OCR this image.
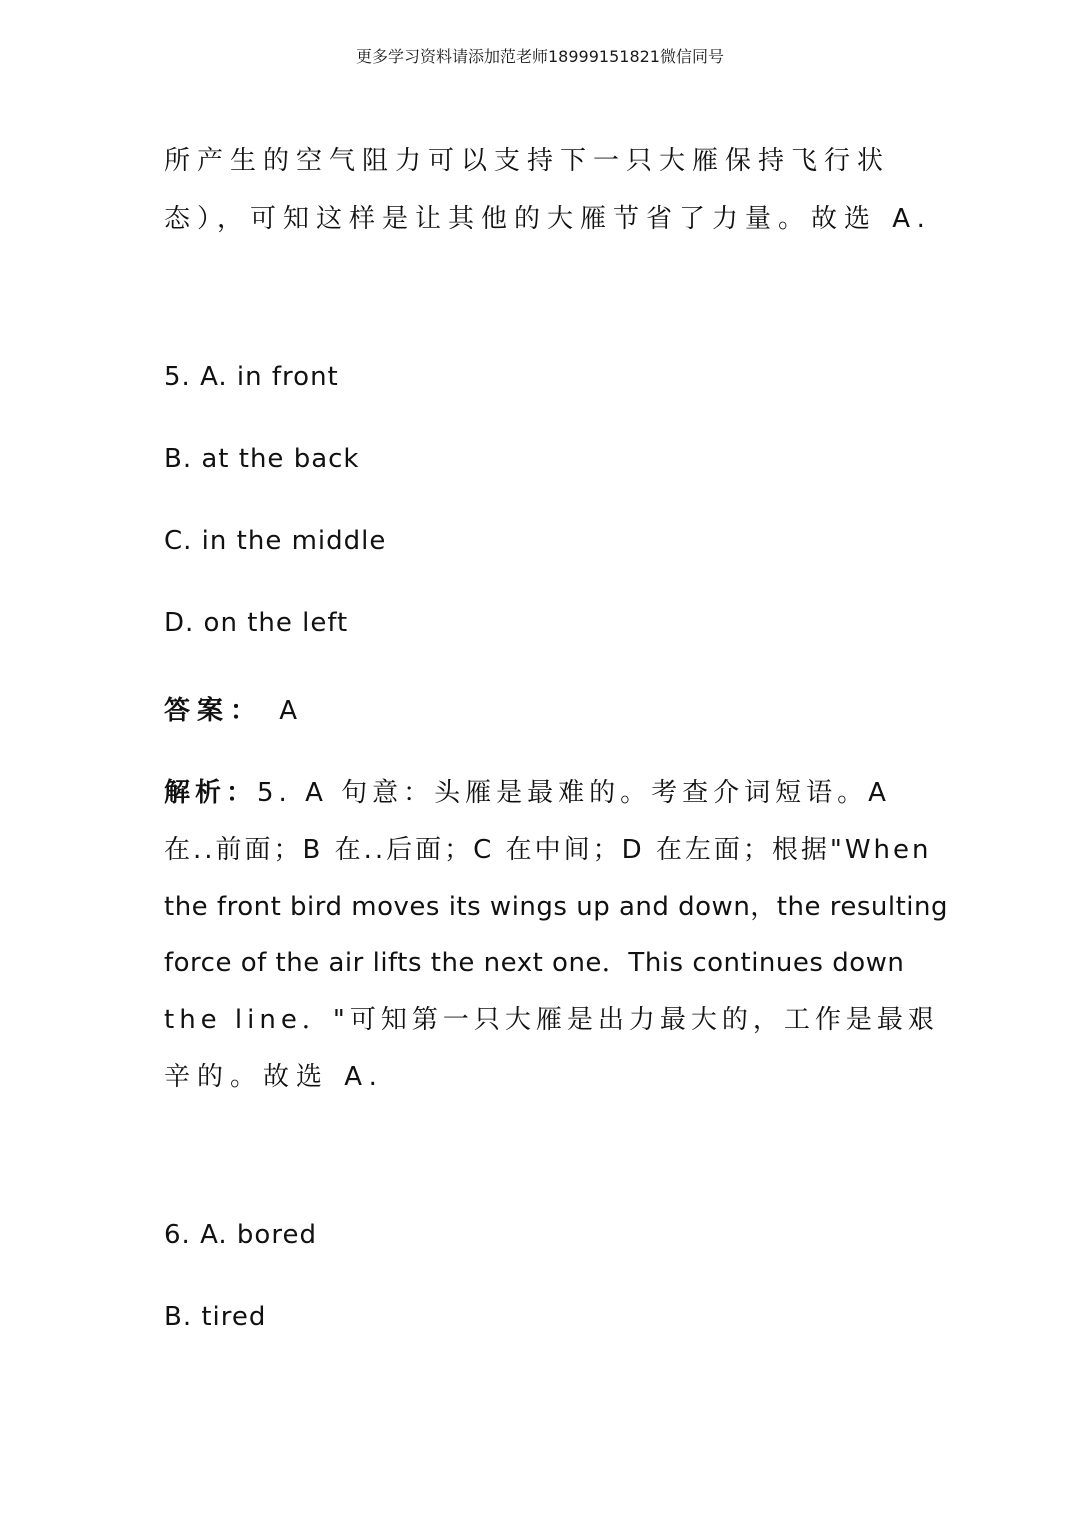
更多学习资料请添加范老师18999151821微信同号
所产生的空气阻力可以支持下一只大雁保持飞行状
态），可知这样是让其他的大雁节省了力量。故选 A.
5. A. in front
B. at the back
C. in the middle
D. on the left
答案： A
解析：5. A 句意：头雁是最难的。考查介词短语。A
在..前面；B 在..后面；C 在中间；D 在左面；根据"When
the front bird moves its wings up and down，the resulting
force of the air lifts the next one．This continues down
the line．"可知第一只大雁是出力最大的，工作是最艰
辛的。故选 A.
6. A. bored
B. tired
